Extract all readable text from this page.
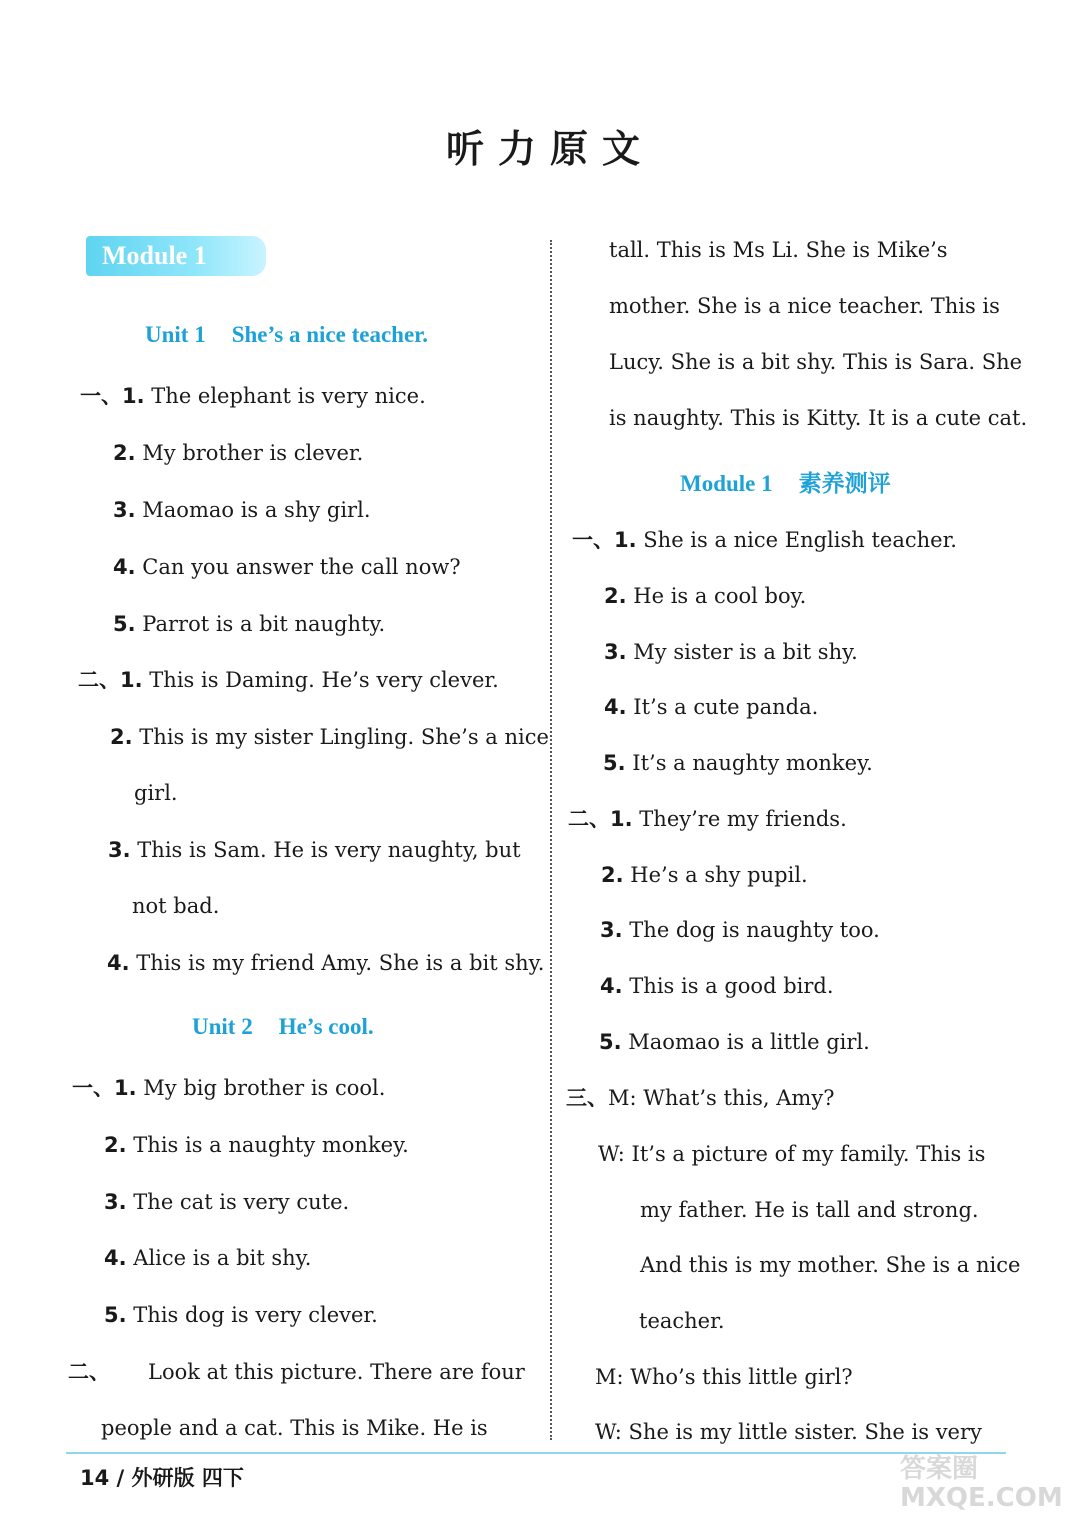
听力原文
Module 1
Unit 1 She’s a nice teacher.
一、1. The elephant is very nice.
2. My brother is clever.
3. Maomao is a shy girl.
4. Can you answer the call now?
5. Parrot is a bit naughty.
二、1. This is Daming. He’s very clever.
2. This is my sister Lingling. She’s a nice
girl.
3. This is Sam. He is very naughty, but
not bad.
4. This is my friend Amy. She is a bit shy.
Unit 2 He’s cool.
一、1. My big brother is cool.
2. This is a naughty monkey.
3. The cat is very cute.
4. Alice is a bit shy.
5. This dog is very clever.
二、 Look at this picture. There are four
people and a cat. This is Mike. He is
tall. This is Ms Li. She is Mike’s
mother. She is a nice teacher. This is
Lucy. She is a bit shy. This is Sara. She
is naughty. This is Kitty. It is a cute cat.
Module 1 素养测评
一、1. She is a nice English teacher.
2. He is a cool boy.
3. My sister is a bit shy.
4. It’s a cute panda.
5. It’s a naughty monkey.
二、1. They’re my friends.
2. He’s a shy pupil.
3. The dog is naughty too.
4. This is a good bird.
5. Maomao is a little girl.
三、M: What’s this, Amy?
W: It’s a picture of my family. This is
my father. He is tall and strong.
And this is my mother. She is a nice
teacher.
M: Who’s this little girl?
W: She is my little sister. She is very
14 / 外研版 四下	答案圈 MXQE.COM
